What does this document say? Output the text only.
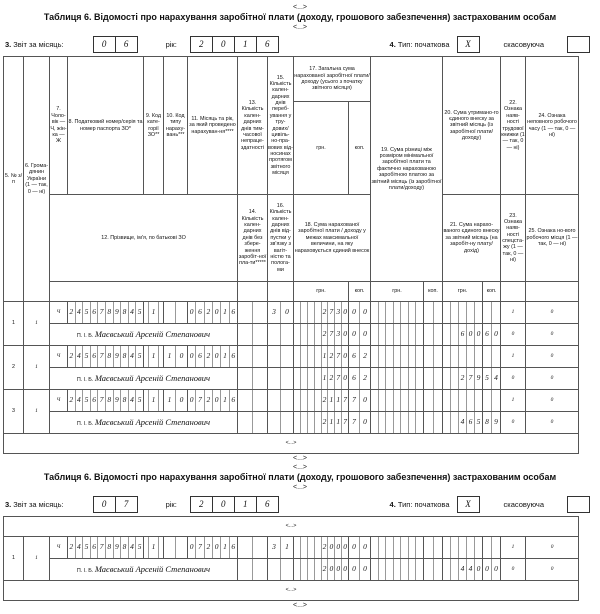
<...>
Таблиця 6. Відомості про нарахування заробітної плати (доходу, грошового забезпечення) застрахованим особам
<...>
3. Звіт за місяць:	0	6	рік:	2	0	1	6	4. Тип: початкова	X	скасовуюча
5. № з/п	6. Грома-дянин України (1 — так, 0 — ні)	7. Чоло-вік — Ч, жін-ка — Ж	8. Податковий номер/серія та номер паспорта ЗО*	9. Код кате-горії ЗО**	10. Код типу нараху-вань***	11. Місяць та рік, за який проведено нарахуван-ня****	13. Кількість кален-дарних днів тим-часової непраце-здатності	15. Кількість кален-дарних днів переб-ування у тру-дових/ цивіль-но-пра-вових від-носинах протягом звітного місяця	17. Загальна сума нарахованої заробітної плати/доходу (усього з початку звітного місяця)		19. Сума різниці між розміром мінімальної заробітної плати та фактично нарахованою заробітною платою за звітний місяць (із заробітної плати/доходу)		20. Сума утримано-го єдиного внеску за звітний місяць (із заробітної плати/доходу)		22. Ознака наяв-ності трудової книжки (1 — так, 0 — ні)	24. Ознака неповного робочого часу (1 — так, 0 — ні)
									грн.	коп.						
		12. Прізвище, ім'я, по батькові ЗО					14. Кількість кален-дарних днів без збере-ження заробіт-ної пла-ти*****	16. Кількість кален-дарних днів від-пустки у зв'язку з вагіт-ністю та полога-ми	18. Сума нарахованої заробітної плати / доходу у межах максимальної величини, на яку нараховується єдиний внесок				21. Сума нарахо-ваного єдиного внеску за звітний місяць (на заробіт-ну плату/дохід)		23. Ознака наяв-ності спецста-жу (1 — так, 0 — ні)	25. Ознака но-вого робочого місця (1 — так, 0 — ні)
									грн.	коп.	грн.	коп.	грн.	коп.		
1	1	Ч	2 4 5 6 7 8 9 8 4 5	1		0 6 2 0 1 6		3	0	2 7 3 0	0 0					1	0
		П. І. Б. Маєвський Арсеній Степанович							2 7 3 0	0 0			6 0 0	6 0	0	0
2	1	Ч	2 4 5 6 7 8 9 8 4 5	1	1	0	0 6 2 0 1 6			1 2 7 0	6 2					1	0
		П. І. Б. Маєвський Арсеній Степанович							1 2 7 0	6 2			2 7 9	5 4	0	0
3	1	Ч	2 4 5 6 7 8 9 8 4 5	1	1	0	0 7 2 0 1 6			2 1 1 7	7 0					1	0
		П. І. Б. Маєвський Арсеній Степанович							2 1 1 7	7 0			4 6 5	8 9	0	0
<...>																
<...>
<...>
Таблиця 6. Відомості про нарахування заробітної плати (доходу, грошового забезпечення) застрахованим особам
<...>
3. Звіт за місяць:	0	7	рік:	2	0	1	6	4. Тип: початкова	X	скасовуюча
<...>																
1	1	Ч	2 4 5 6 7 8 9 8 4 5	1		0 7 2 0 1 6		3	1	2 0 0 0	0 0					1	0
		П. І. Б. Маєвський Арсеній Степанович							2 0 0 0	0 0			4 4 0	0 0	0	0
<...>																
<...>
